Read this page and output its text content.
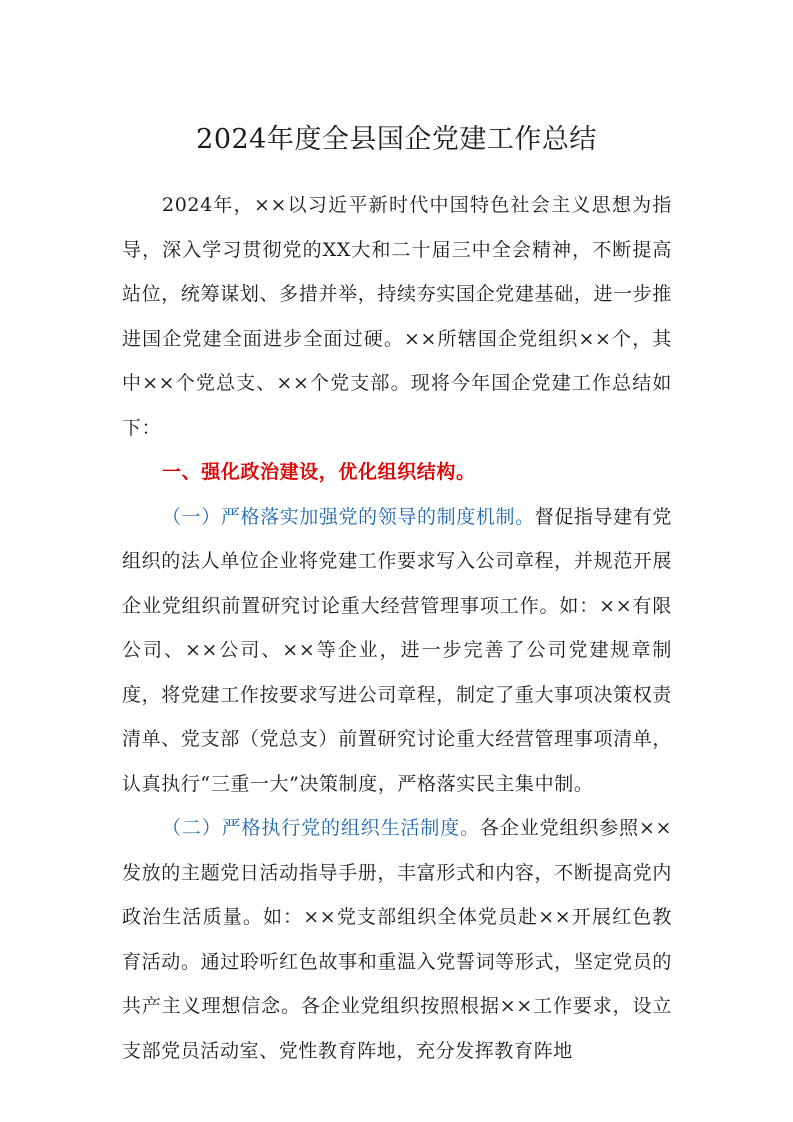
2024年度全县国企党建工作总结

2024年，××以习近平新时代中国特色社会主义思想为指导，深入学习贯彻党的XX大和二十届三中全会精神，不断提高站位，统筹谋划、多措并举，持续夯实国企党建基础，进一步推进国企党建全面进步全面过硬。××所辖国企党组织××个，其中××个党总支、××个党支部。现将今年国企党建工作总结如下：

一、强化政治建设，优化组织结构。

（一）严格落实加强党的领导的制度机制。督促指导建有党组织的法人单位企业将党建工作要求写入公司章程，并规范开展企业党组织前置研究讨论重大经营管理事项工作。如：××有限公司、××公司、××等企业，进一步完善了公司党建规章制度，将党建工作按要求写进公司章程，制定了重大事项决策权责清单、党支部（党总支）前置研究讨论重大经营管理事项清单，认真执行“三重一大”决策制度，严格落实民主集中制。

（二）严格执行党的组织生活制度。各企业党组织参照××发放的主题党日活动指导手册，丰富形式和内容，不断提高党内政治生活质量。如：××党支部组织全体党员赴××开展红色教育活动。通过聆听红色故事和重温入党誓词等形式，坚定党员的共产主义理想信念。各企业党组织按照根据××工作要求，设立支部党员活动室、党性教育阵地，充分发挥教育阵地
